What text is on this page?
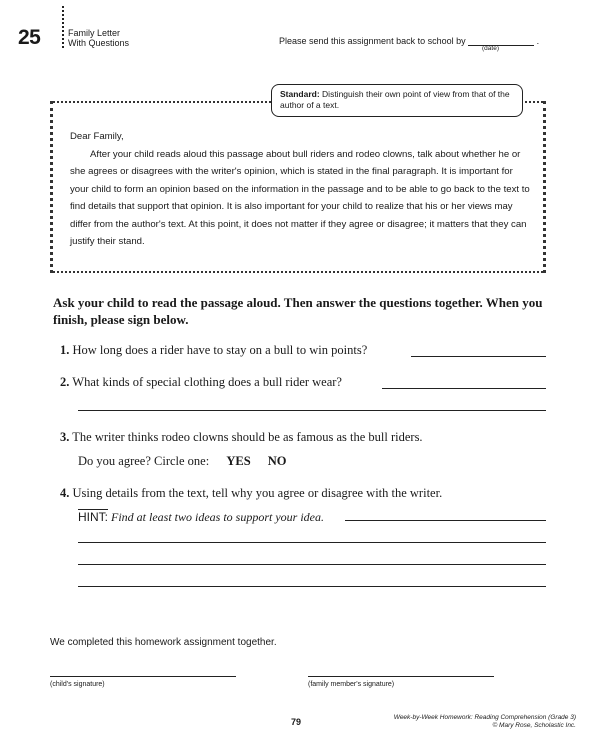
25	Family Letter
With Questions	Please send this assignment back to school by	.
(date)
Standard: Distinguish their own point of view from that of the author of a text.
Dear Family,

After your child reads aloud this passage about bull riders and rodeo clowns, talk about whether he or she agrees or disagrees with the writer's opinion, which is stated in the final paragraph. It is important for your child to form an opinion based on the information in the passage and to be able to go back to the text to find details that support that opinion. It is also important for your child to realize that his or her views may differ from the author's text. At this point, it does not matter if they agree or disagree; it matters that they can justify their stand.

Ask your child to read the passage aloud. Then answer the questions together. When you finish, please sign below.
1. How long does a rider have to stay on a bull to win points?
2. What kinds of special clothing does a bull rider wear?
3. The writer thinks rodeo clowns should be as famous as the bull riders.
Do you agree? Circle one: YES NO
4. Using details from the text, tell why you agree or disagree with the writer.
HINT: Find at least two ideas to support your idea.
We completed this homework assignment together.
(child's signature)	(family member's signature)
79	Week-by-Week Homework: Reading Comprehension (Grade 3)
© Mary Rose, Scholastic Inc.
